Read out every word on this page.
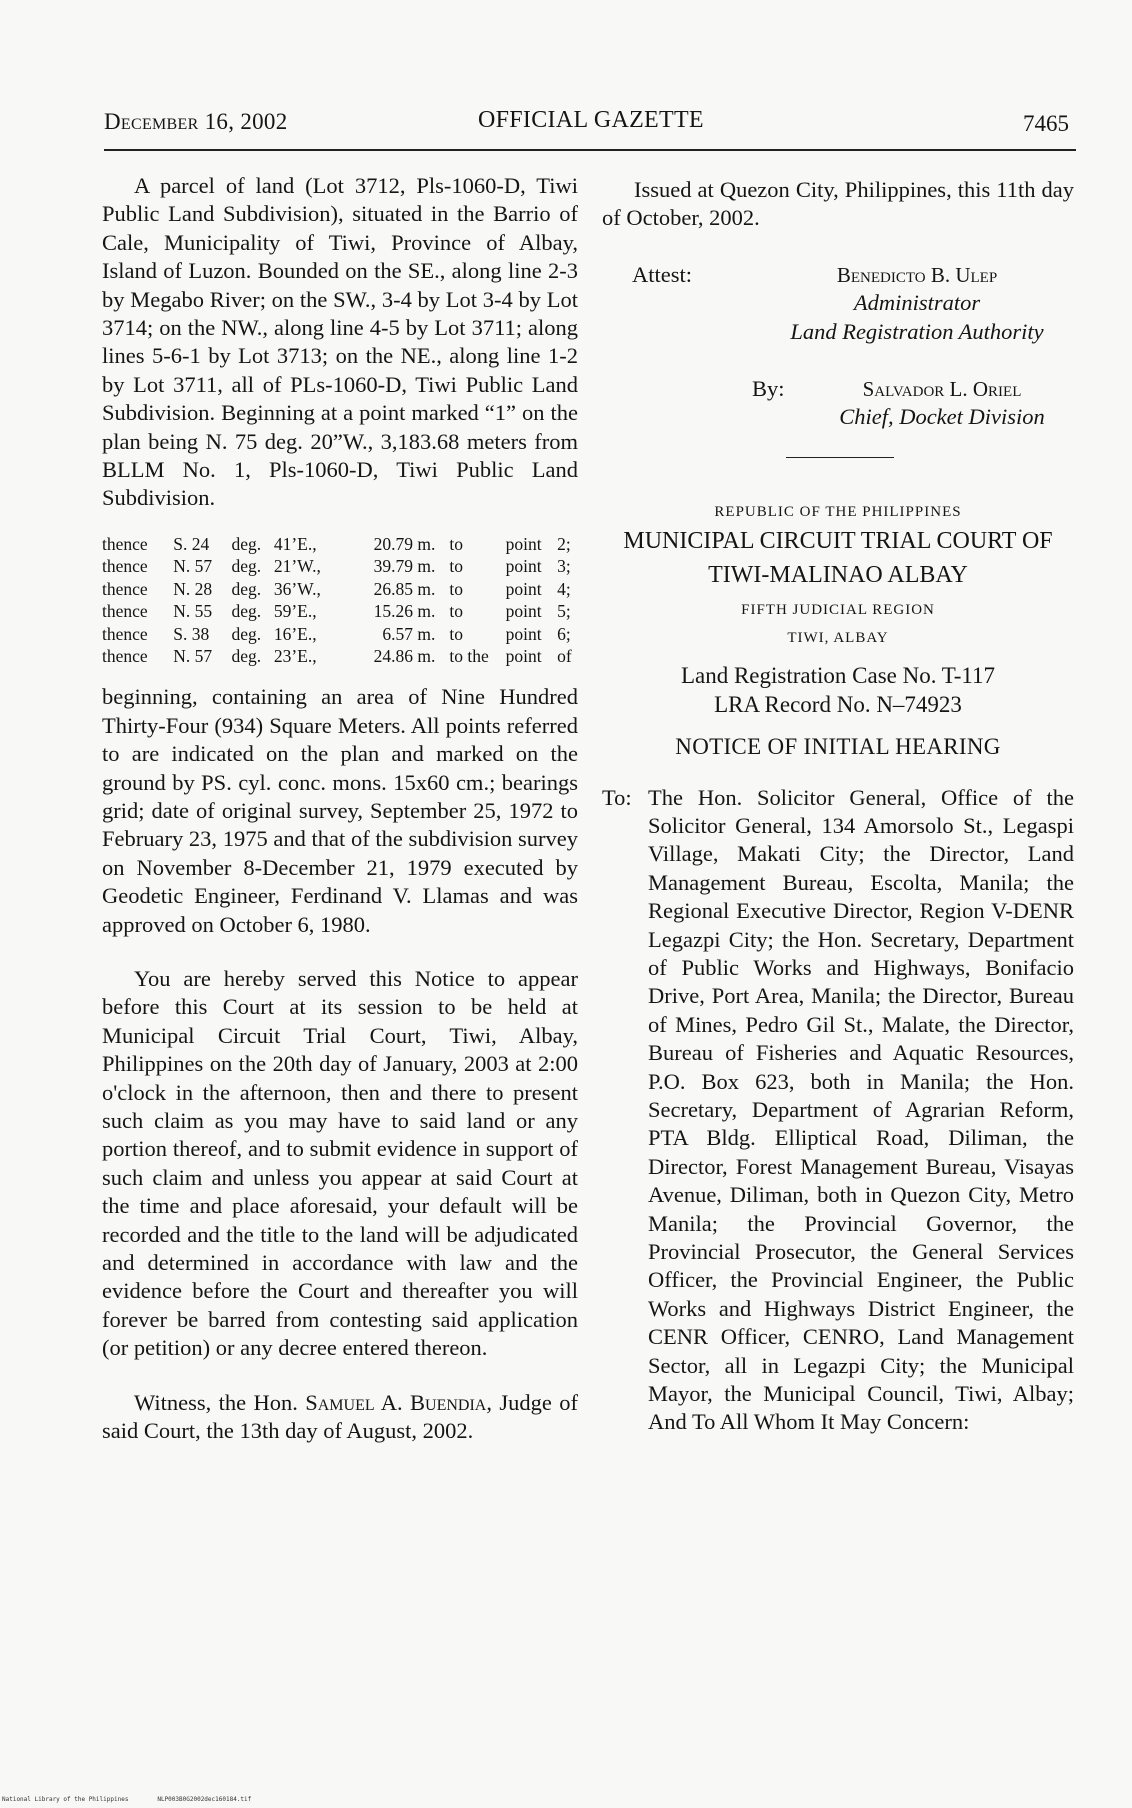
December 16, 2002	OFFICIAL GAZETTE	7465

A parcel of land (Lot 3712, Pls-1060-D, Tiwi Public Land Subdivision), situated in the Barrio of Cale, Municipality of Tiwi, Province of Albay, Island of Luzon. Bounded on the SE., along line 2-3 by Megabo River; on the SW., 3-4 by Lot 3-4 by Lot 3714; on the NW., along line 4-5 by Lot 3711; along lines 5-6-1 by Lot 3713; on the NE., along line 1-2 by Lot 3711, all of PLs-1060-D, Tiwi Public Land Subdivision. Beginning at a point marked “1” on the plan being N. 75 deg. 20”W., 3,183.68 meters from BLLM No. 1, Pls-1060-D, Tiwi Public Land Subdivision.

thence	S. 24	deg.	41’E.,	20.79 m.	to	point	2;
thence	N. 57	deg.	21’W.,	39.79 m.	to	point	3;
thence	N. 28	deg.	36’W.,	26.85 m.	to	point	4;
thence	N. 55	deg.	59’E.,	15.26 m.	to	point	5;
thence	S. 38	deg.	16’E.,	6.57 m.	to	point	6;
thence	N. 57	deg.	23’E.,	24.86 m.	to the	point	of

beginning, containing an area of Nine Hundred Thirty-Four (934) Square Meters. All points referred to are indicated on the plan and marked on the ground by PS. cyl. conc. mons. 15x60 cm.; bearings grid; date of original survey, September 25, 1972 to February 23, 1975 and that of the subdivision survey on November 8-December 21, 1979 executed by Geodetic Engineer, Ferdinand V. Llamas and was approved on October 6, 1980.

You are hereby served this Notice to appear before this Court at its session to be held at Municipal Circuit Trial Court, Tiwi, Albay, Philippines on the 20th day of January, 2003 at 2:00 o'clock in the afternoon, then and there to present such claim as you may have to said land or any portion thereof, and to submit evidence in support of such claim and unless you appear at said Court at the time and place aforesaid, your default will be recorded and the title to the land will be adjudicated and determined in accordance with law and the evidence before the Court and thereafter you will forever be barred from contesting said application (or petition) or any decree entered thereon.

Witness, the Hon. Samuel A. Buendia, Judge of said Court, the 13th day of August, 2002.

Issued at Quezon City, Philippines, this 11th day of October, 2002.

Attest:	Benedicto B. Ulep
Administrator
Land Registration Authority
By:	Salvador L. Oriel
Chief, Docket Division
REPUBLIC OF THE PHILIPPINES
MUNICIPAL CIRCUIT TRIAL COURT OF
TIWI-MALINAO ALBAY
FIFTH JUDICIAL REGION
TIWI, ALBAY
Land Registration Case No. T-117
LRA Record No. N–74923
NOTICE OF INITIAL HEARING
To: The Hon. Solicitor General, Office of the Solicitor General, 134 Amorsolo St., Legaspi Village, Makati City; the Director, Land Management Bureau, Escolta, Manila; the Regional Executive Director, Region V-DENR Legazpi City; the Hon. Secretary, Department of Public Works and Highways, Bonifacio Drive, Port Area, Manila; the Director, Bureau of Mines, Pedro Gil St., Malate, the Director, Bureau of Fisheries and Aquatic Resources, P.O. Box 623, both in Manila; the Hon. Secretary, Department of Agrarian Reform, PTA Bldg. Elliptical Road, Diliman, the Director, Forest Management Bureau, Visayas Avenue, Diliman, both in Quezon City, Metro Manila; the Provincial Governor, the Provincial Prosecutor, the General Services Officer, the Provincial Engineer, the Public Works and Highways District Engineer, the CENR Officer, CENRO, Land Management Sector, all in Legazpi City; the Municipal Mayor, the Municipal Council, Tiwi, Albay; And To All Whom It May Concern:
National Library of the Philippines	NLP003B0G2002dec160184.tif
